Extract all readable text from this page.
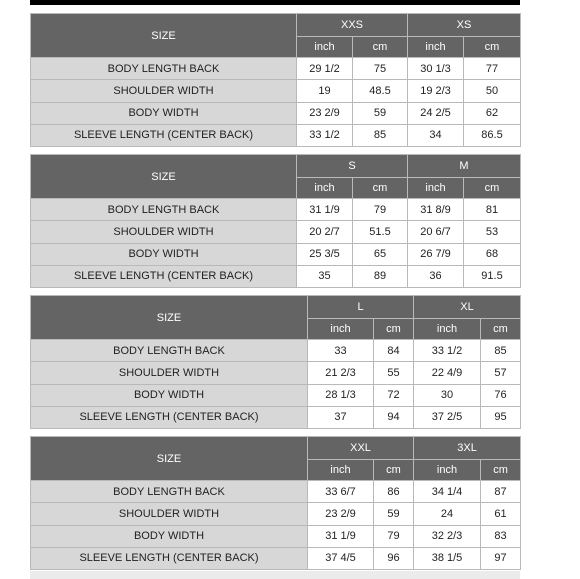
SIZE	XXS		XS	
	inch	cm	inch	cm
BODY LENGTH BACK	29 1/2	75	30 1/3	77
SHOULDER WIDTH	19	48.5	19 2/3	50
BODY WIDTH	23 2/9	59	24 2/5	62
SLEEVE LENGTH (CENTER BACK)	33 1/2	85	34	86.5
SIZE	S		M	
	inch	cm	inch	cm
BODY LENGTH BACK	31 1/9	79	31 8/9	81
SHOULDER WIDTH	20 2/7	51.5	20 6/7	53
BODY WIDTH	25 3/5	65	26 7/9	68
SLEEVE LENGTH (CENTER BACK)	35	89	36	91.5
SIZE	L		XL	
	inch	cm	inch	cm
BODY LENGTH BACK	33	84	33 1/2	85
SHOULDER WIDTH	21 2/3	55	22 4/9	57
BODY WIDTH	28 1/3	72	30	76
SLEEVE LENGTH (CENTER BACK)	37	94	37 2/5	95
SIZE	XXL		3XL	
	inch	cm	inch	cm
BODY LENGTH BACK	33 6/7	86	34 1/4	87
SHOULDER WIDTH	23 2/9	59	24	61
BODY WIDTH	31 1/9	79	32 2/3	83
SLEEVE LENGTH (CENTER BACK)	37 4/5	96	38 1/5	97
